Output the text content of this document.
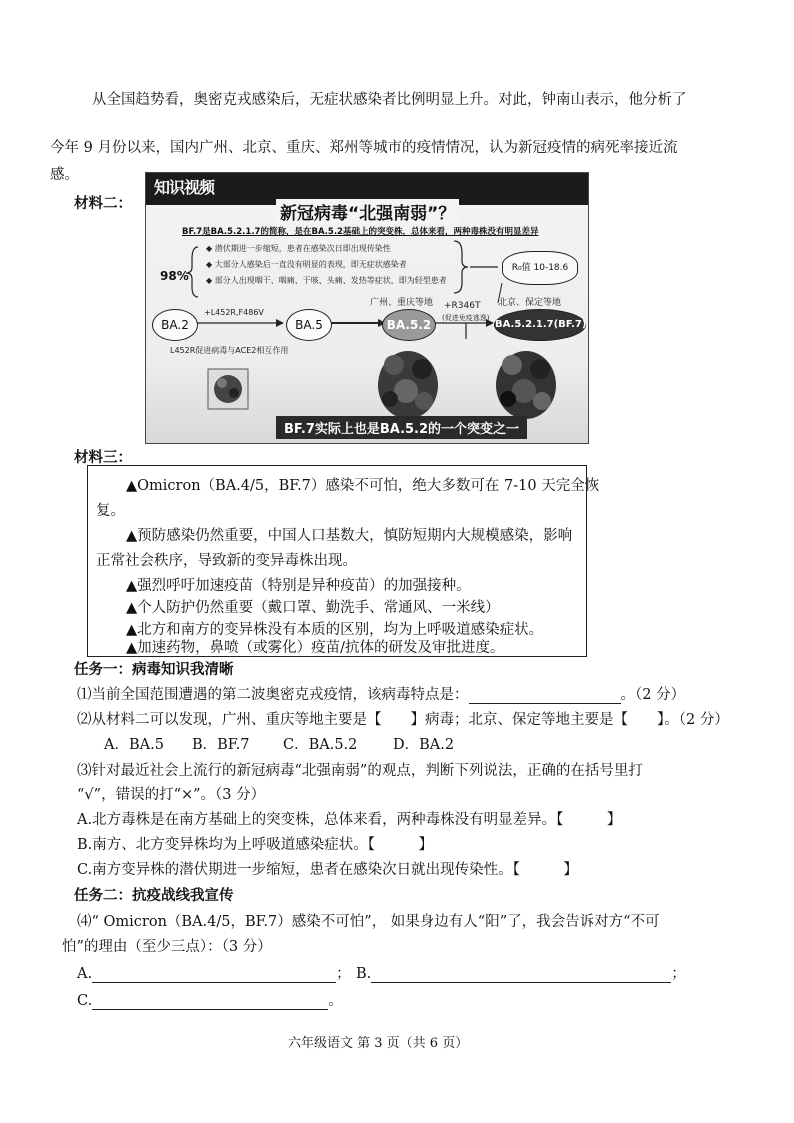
从全国趋势看，奥密克戎感染后，无症状感染者比例明显上升。对此，钟南山表示，他分析了
今年 9 月份以来，国内广州、北京、重庆、郑州等城市的疫情情况，认为新冠疫情的病死率接近流
感。
材料二：
知识视频
新冠病毒“北强南弱”？
BF.7是BA.5.2.1.7的简称，是在BA.5.2基础上的突变株，总体来看，两种毒株没有明显差异
◆ 潜伏期进一步缩短，患者在感染次日即出现传染性
◆ 大部分人感染后一直没有明显的表现，即无症状感染者
◆ 部分人出现咽干、咽痛、干咳、头痛、发热等症状，即为轻型患者
98%
R₀值 10-18.6
BA.2	BA.5	BA.5.2	BA.5.2.1.7(BF.7)
+L452R,F486V
L452R促进病毒与ACE2相互作用
广州、重庆等地 +R346T
(促进免疫逃逸)
北京、保定等地
BF.7实际上也是BA.5.2的一个突变之一
材料三：
▲Omicron（BA.4/5，BF.7）感染不可怕，绝大多数可在 7-10 天完全恢
复。
▲预防感染仍然重要，中国人口基数大，慎防短期内大规模感染，影响
正常社会秩序，导致新的变异毒株出现。
▲强烈呼吁加速疫苗（特别是异种疫苗）的加强接种。
▲个人防护仍然重要（戴口罩、勤洗手、常通风、一米线）
▲北方和南方的变异株没有本质的区别，均为上呼吸道感染症状。
▲加速药物，鼻喷（或雾化）疫苗/抗体的研发及审批进度。
任务一：病毒知识我清晰
⑴当前全国范围遭遇的第二波奥密克戎疫情，该病毒特点是：	。（2 分）
⑵从材料二可以发现，广州、重庆等地主要是【　　】病毒；北京、保定等地主要是【　　】。（2 分）
A．BA.5 B．BF.7 C．BA.5.2 D．BA.2
⑶针对最近社会上流行的新冠病毒“北强南弱”的观点，判断下列说法，正确的在括号里打
“√”，错误的打“×”。（3 分）
A.北方毒株是在南方基础上的突变株，总体来看，两种毒株没有明显差异。【　　　】
B.南方、北方变异株均为上呼吸道感染症状。【　　　】
C.南方变异株的潜伏期进一步缩短，患者在感染次日就出现传染性。【　　　】
任务二：抗疫战线我宣传
⑷“ Omicron（BA.4/5，BF.7）感染不可怕”， 如果身边有人“阳”了，我会告诉对方“不可
怕”的理由（至少三点）：（3 分）
A.	； B.	；
C.	。
六年级语文 第 3 页（共 6 页）
